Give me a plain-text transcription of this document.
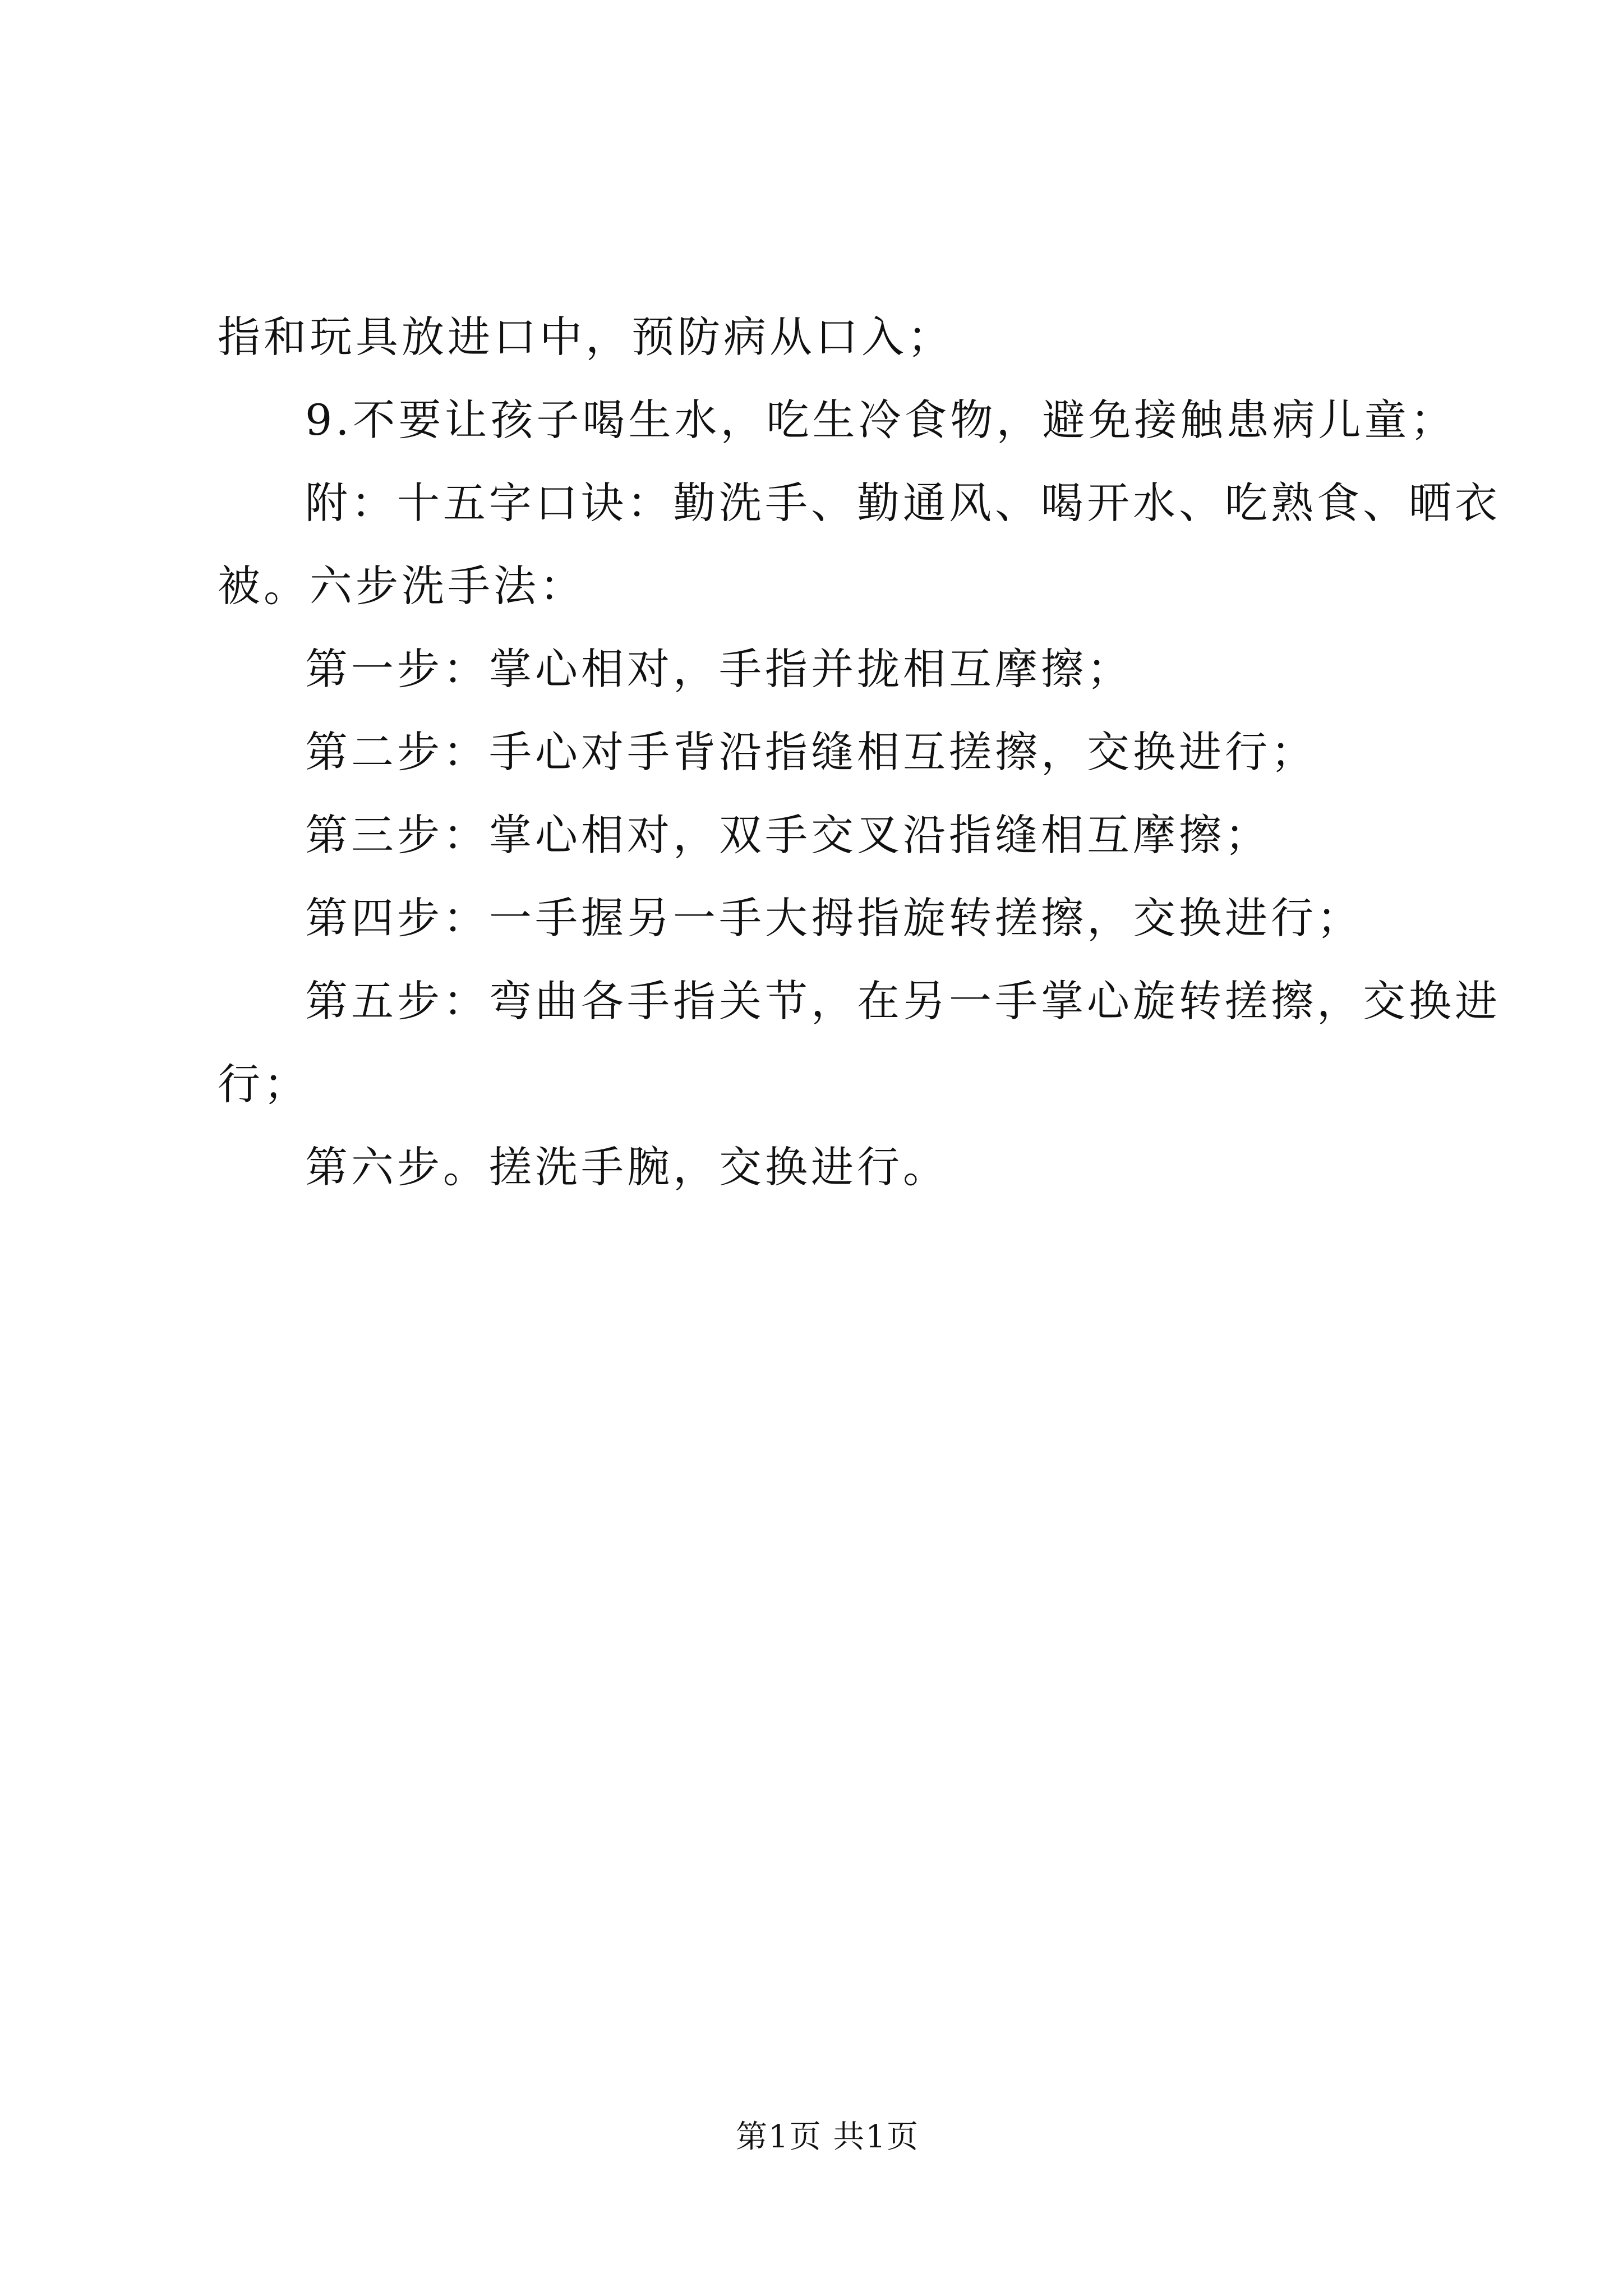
指和玩具放进口中，预防病从口入；

9.不要让孩子喝生水，吃生冷食物，避免接触患病儿童；

附：十五字口诀：勤洗手、勤通风、喝开水、吃熟食、晒衣

被。六步洗手法：

第一步：掌心相对，手指并拢相互摩擦；

第二步：手心对手背沿指缝相互搓擦，交换进行；

第三步：掌心相对，双手交叉沿指缝相互摩擦；

第四步：一手握另一手大拇指旋转搓擦，交换进行；

第五步：弯曲各手指关节，在另一手掌心旋转搓擦，交换进

行；

第六步。搓洗手腕，交换进行。

第1页 共1页
